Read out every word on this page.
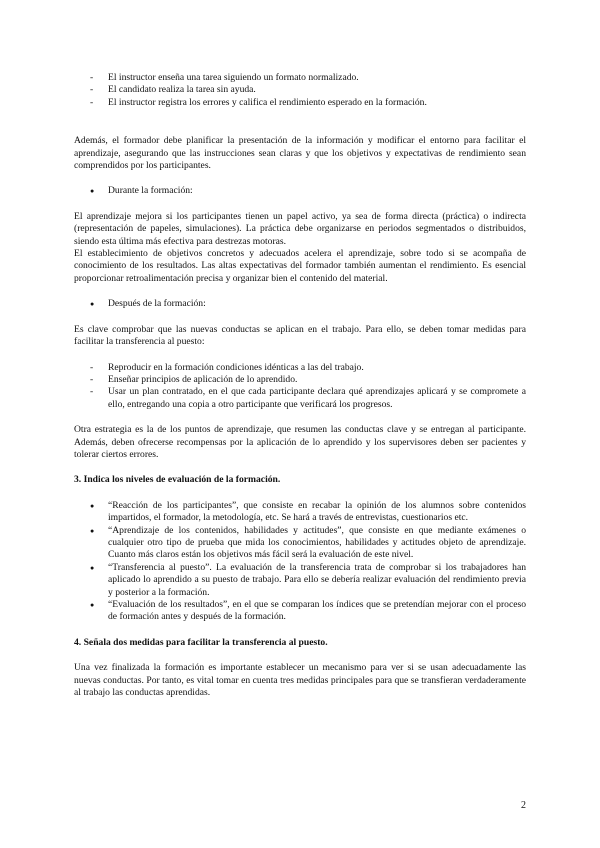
- El instructor enseña una tarea siguiendo un formato normalizado.
- El candidato realiza la tarea sin ayuda.
- El instructor registra los errores y califica el rendimiento esperado en la formación.

Además, el formador debe planificar la presentación de la información y modificar el entorno para facilitar el aprendizaje, asegurando que las instrucciones sean claras y que los objetivos y expectativas de rendimiento sean comprendidos por los participantes.

● Durante la formación:

El aprendizaje mejora si los participantes tienen un papel activo, ya sea de forma directa (práctica) o indirecta (representación de papeles, simulaciones). La práctica debe organizarse en periodos segmentados o distribuidos, siendo esta última más efectiva para destrezas motoras.

El establecimiento de objetivos concretos y adecuados acelera el aprendizaje, sobre todo si se acompaña de conocimiento de los resultados. Las altas expectativas del formador también aumentan el rendimiento. Es esencial proporcionar retroalimentación precisa y organizar bien el contenido del material.

● Después de la formación:

Es clave comprobar que las nuevas conductas se aplican en el trabajo. Para ello, se deben tomar medidas para facilitar la transferencia al puesto:

- Reproducir en la formación condiciones idénticas a las del trabajo.
- Enseñar principios de aplicación de lo aprendido.
- Usar un plan contratado, en el que cada participante declara qué aprendizajes aplicará y se compromete a ello, entregando una copia a otro participante que verificará los progresos.

Otra estrategia es la de los puntos de aprendizaje, que resumen las conductas clave y se entregan al participante. Además, deben ofrecerse recompensas por la aplicación de lo aprendido y los supervisores deben ser pacientes y tolerar ciertos errores.

3. Indica los niveles de evaluación de la formación.
● “Reacción de los participantes”, que consiste en recabar la opinión de los alumnos sobre contenidos impartidos, el formador, la metodología, etc. Se hará a través de entrevistas, cuestionarios etc.
● “Aprendizaje de los contenidos, habilidades y actitudes”, que consiste en que mediante exámenes o cualquier otro tipo de prueba que mida los conocimientos, habilidades y actitudes objeto de aprendizaje. Cuanto más claros están los objetivos más fácil será la evaluación de este nivel.
● “Transferencia al puesto”. La evaluación de la transferencia trata de comprobar si los trabajadores han aplicado lo aprendido a su puesto de trabajo. Para ello se debería realizar evaluación del rendimiento previa y posterior a la formación.
● “Evaluación de los resultados”, en el que se comparan los índices que se pretendían mejorar con el proceso de formación antes y después de la formación.
4. Señala dos medidas para facilitar la transferencia al puesto.

Una vez finalizada la formación es importante establecer un mecanismo para ver si se usan adecuadamente las nuevas conductas. Por tanto, es vital tomar en cuenta tres medidas principales para que se transfieran verdaderamente al trabajo las conductas aprendidas.

2
